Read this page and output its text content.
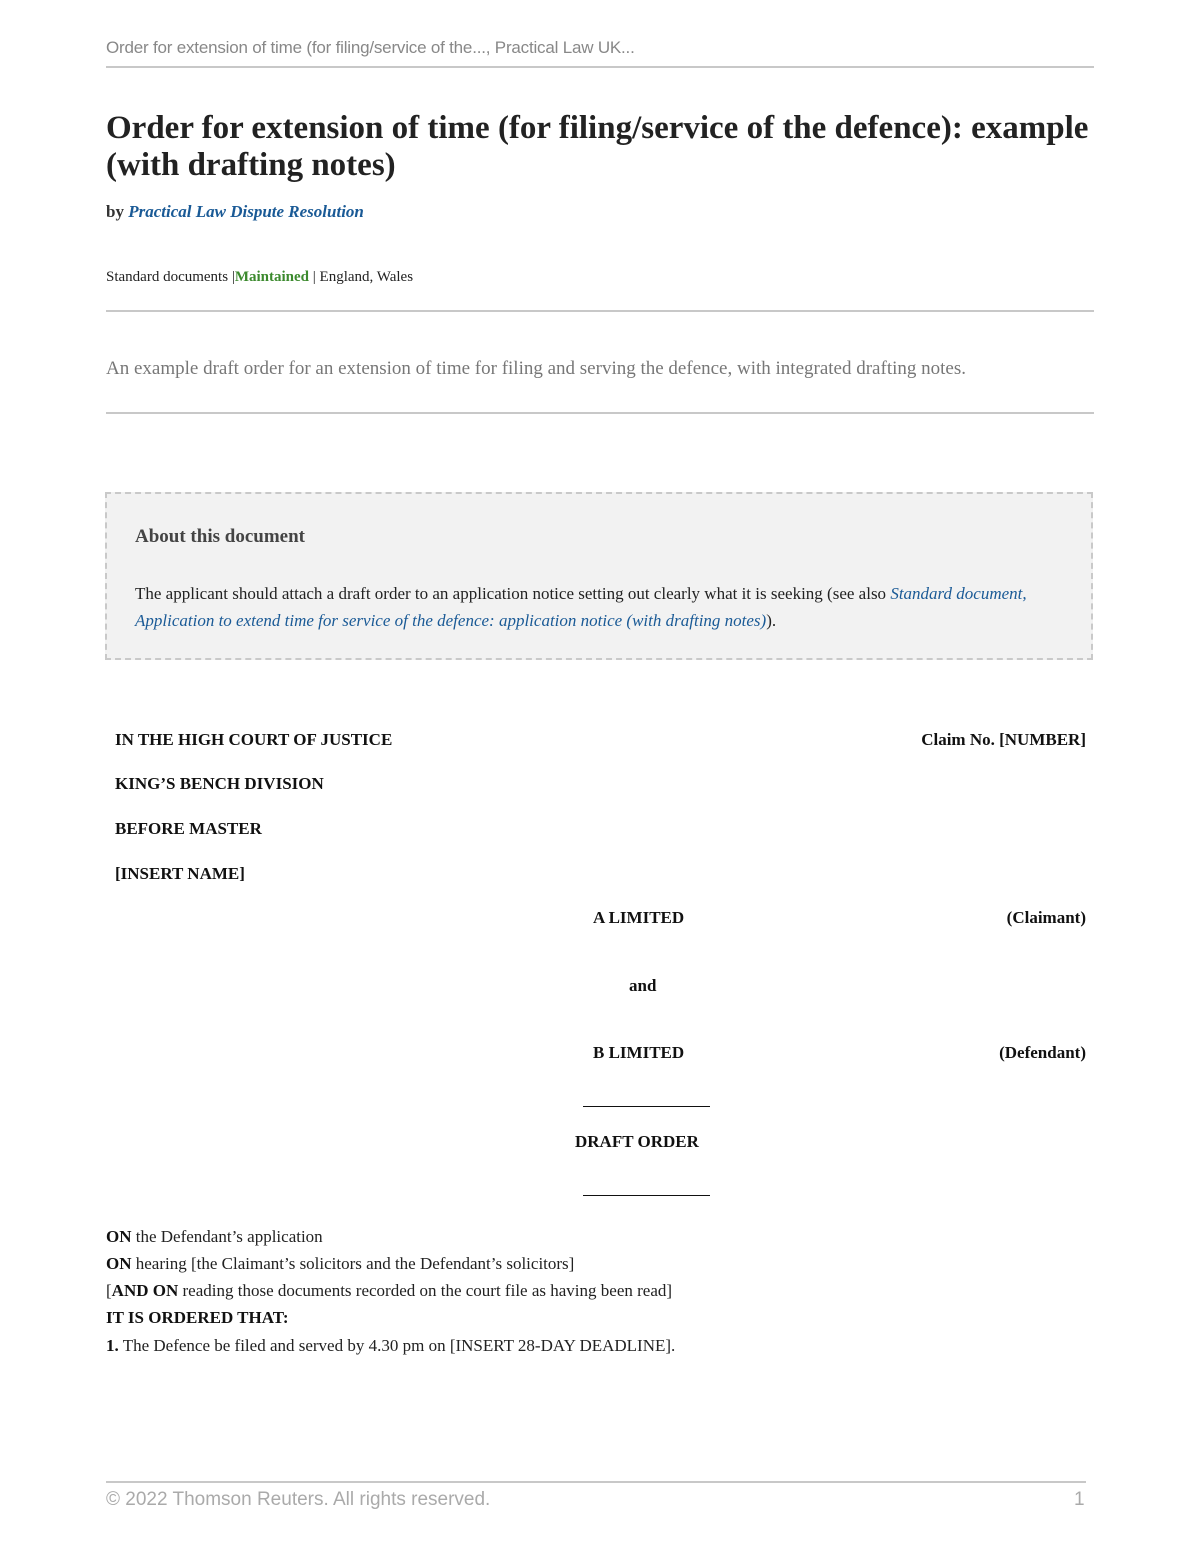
Order for extension of time (for filing/service of the..., Practical Law UK...
Order for extension of time (for filing/service of the defence): example (with drafting notes)
by Practical Law Dispute Resolution
Standard documents |Maintained | England, Wales
An example draft order for an extension of time for filing and serving the defence, with integrated drafting notes.
About this document
The applicant should attach a draft order to an application notice setting out clearly what it is seeking (see also Standard document, Application to extend time for service of the defence: application notice (with drafting notes)).
IN THE HIGH COURT OF JUSTICE	Claim No. [NUMBER]
KING’S BENCH DIVISION
BEFORE MASTER
[INSERT NAME]
A LIMITED	(Claimant)
and
B LIMITED	(Defendant)
DRAFT ORDER
ON the Defendant’s application
ON hearing [the Claimant’s solicitors and the Defendant’s solicitors]
[AND ON reading those documents recorded on the court file as having been read]
IT IS ORDERED THAT:
1. The Defence be filed and served by 4.30 pm on [INSERT 28-DAY DEADLINE].
© 2022 Thomson Reuters. All rights reserved.	1
